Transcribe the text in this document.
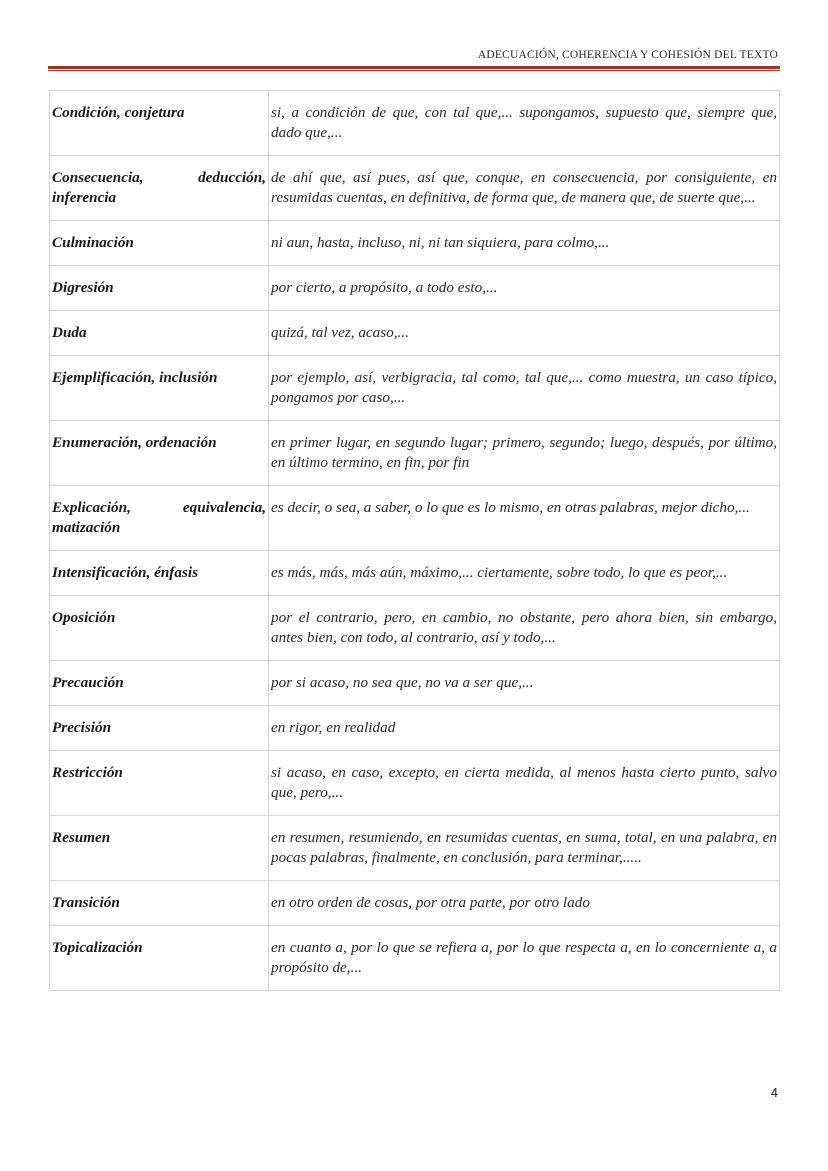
ADECUACIÓN, COHERENCIA Y COHESIÓN DEL TEXTO
Condición, conjetura	si, a condición de que, con tal que,... supongamos, supuesto que, siempre que, dado que,...
Consecuencia, deducción, inferencia	de ahí que, así pues, así que, conque, en consecuencia, por consiguiente, en resumidas cuentas, en definitiva, de forma que, de manera que, de suerte que,...
Culminación	ni aun, hasta, incluso, ni, ni tan siquiera, para colmo,...
Digresión	por cierto, a propósito, a todo esto,...
Duda	quizá, tal vez, acaso,...
Ejemplificación, inclusión	por ejemplo, así, verbigracia, tal como, tal que,... como muestra, un caso típico, pongamos por caso,...
Enumeración, ordenación	en primer lugar, en segundo lugar; primero, segundo; luego, después, por último, en último termino, en fin, por fin
Explicación, equivalencia, matización	es decir, o sea, a saber, o lo que es lo mismo, en otras palabras, mejor dicho,...
Intensificación, énfasis	es más, más, más aún, máximo,... ciertamente, sobre todo, lo que es peor,...
Oposición	por el contrario, pero, en cambio, no obstante, pero ahora bien, sin embargo, antes bien, con todo, al contrario, así y todo,...
Precaución	por si acaso, no sea que, no va a ser que,...
Precisión	en rigor, en realidad
Restricción	si acaso, en caso, excepto, en cierta medida, al menos hasta cierto punto, salvo que, pero,...
Resumen	en resumen, resumiendo, en resumidas cuentas, en suma, total, en una palabra, en pocas palabras, finalmente, en conclusión, para terminar,.....
Transición	en otro orden de cosas, por otra parte, por otro lado
Topicalización	en cuanto a, por lo que se refiera a, por lo que respecta a, en lo concerniente a, a propósito de,...
4
